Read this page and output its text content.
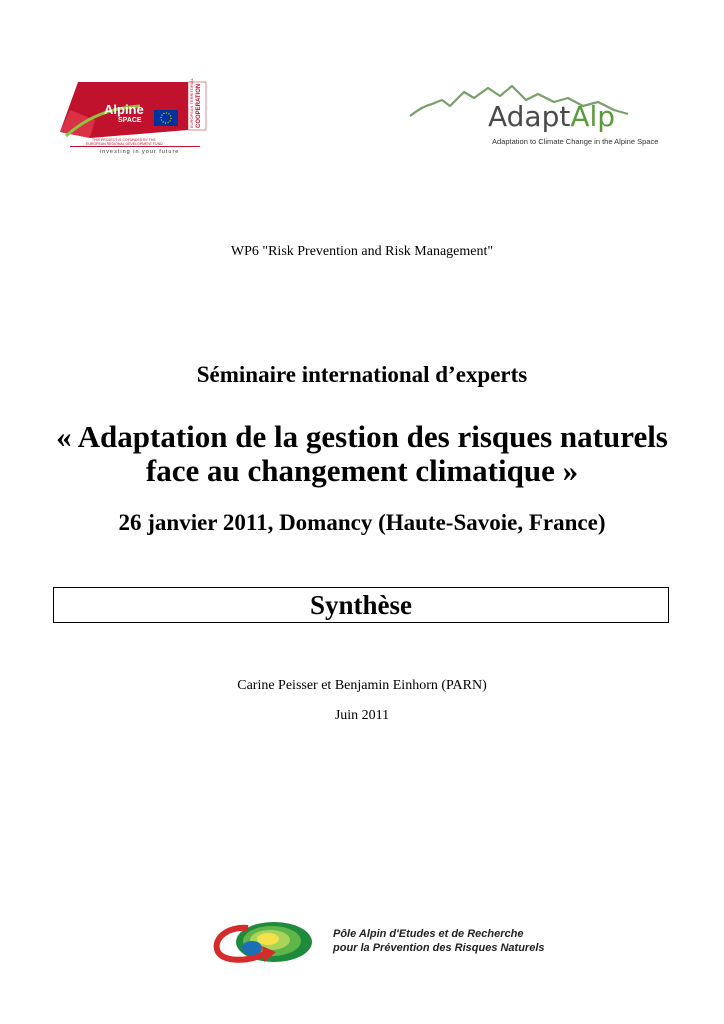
Alpine
SPACE	EUROPEAN TERRITORIAL COOPERATION
THIS PROJECT IS COFUNDED BY THE
EUROPEAN REGIONAL DEVELOPMENT FUND
investing in your future
AdaptAlp
Adaptation to Climate Change in the Alpine Space
WP6 "Risk Prevention and Risk Management"
Séminaire international d’experts
« Adaptation de la gestion des risques naturels
face au changement climatique »
26 janvier 2011, Domancy (Haute-Savoie, France)
Synthèse
Carine Peisser et Benjamin Einhorn (PARN)
Juin 2011
Pôle Alpin d'Etudes et de Recherche
pour la Prévention des Risques Naturels
